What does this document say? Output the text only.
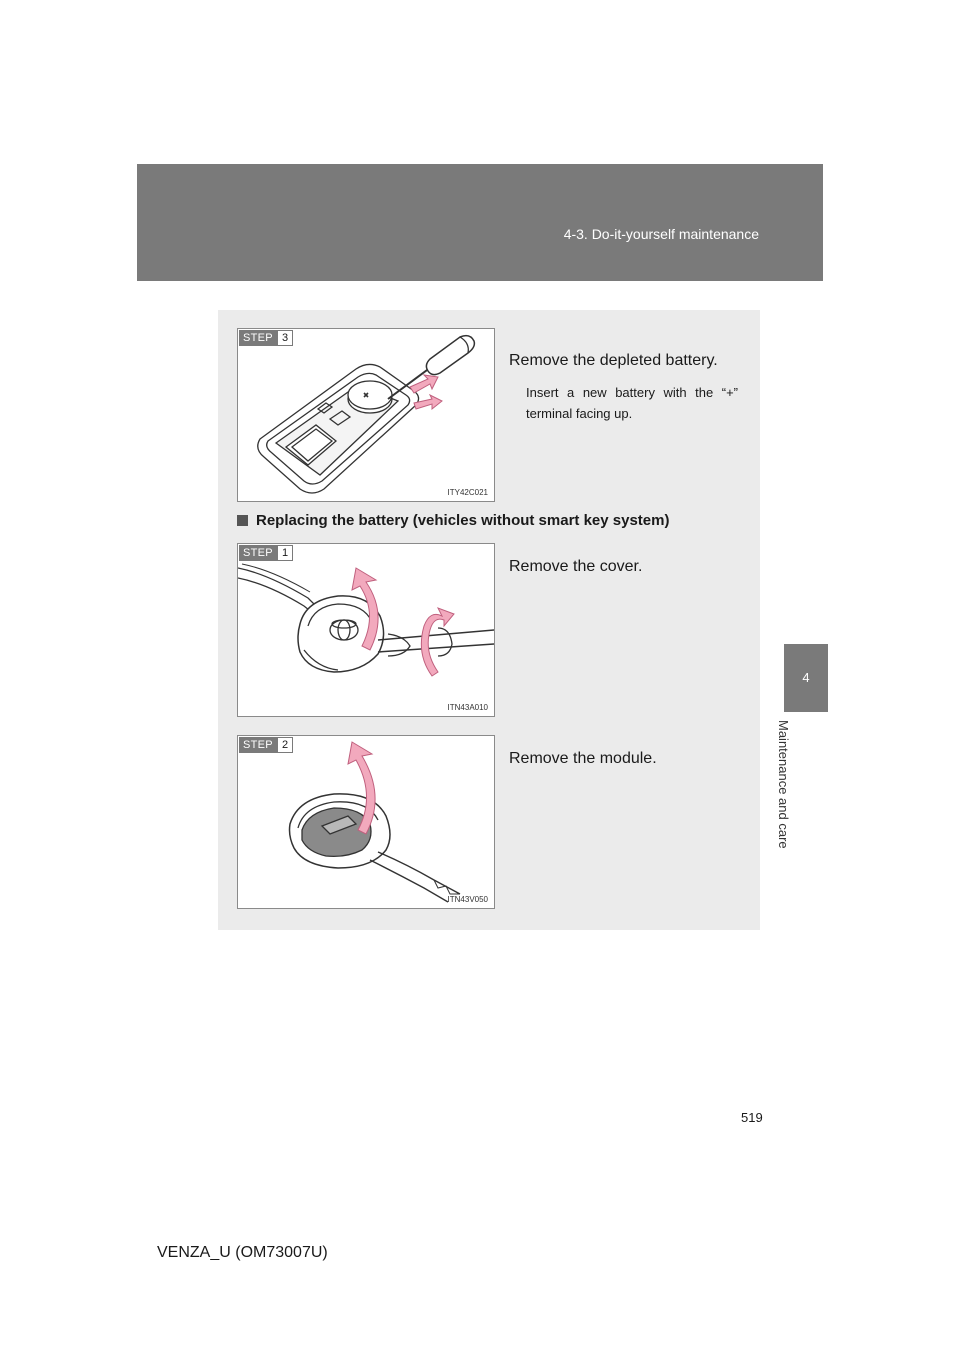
4-3. Do-it-yourself maintenance
4
Maintenance and care
STEP 3
ITY42C021
Remove the depleted battery.
Insert a new battery with the “+” terminal facing up.
Replacing the battery (vehicles without smart key system)
STEP 1
ITN43A010
Remove the cover.
STEP 2
ITN43V050
Remove the module.
519
VENZA_U (OM73007U)
